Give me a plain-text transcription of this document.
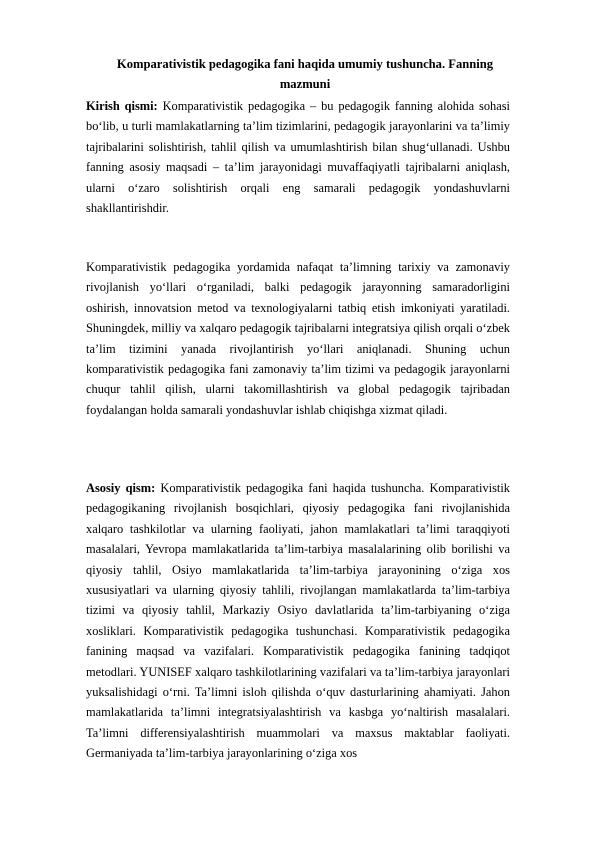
Komparativistik pedagogika fani haqida umumiy tushuncha. Fanning mazmuni

Kirish qismi: Komparativistik pedagogika – bu pedagogik fanning alohida sohasi bo‘lib, u turli mamlakatlarning ta’lim tizimlarini, pedagogik jarayonlarini va ta’limiy tajribalarini solishtirish, tahlil qilish va umumlashtirish bilan shug‘ullanadi. Ushbu fanning asosiy maqsadi – ta’lim jarayonidagi muvaffaqiyatli tajribalarni aniqlash, ularni o‘zaro solishtirish orqali eng samarali pedagogik yondashuvlarni shakllantirishdir.

Komparativistik pedagogika yordamida nafaqat ta’limning tarixiy va zamonaviy rivojlanish yo‘llari o‘rganiladi, balki pedagogik jarayonning samaradorligini oshirish, innovatsion metod va texnologiyalarni tatbiq etish imkoniyati yaratiladi. Shuningdek, milliy va xalqaro pedagogik tajribalarni integratsiya qilish orqali o‘zbek ta’lim tizimini yanada rivojlantirish yo‘llari aniqlanadi. Shuning uchun komparativistik pedagogika fani zamonaviy ta’lim tizimi va pedagogik jarayonlarni chuqur tahlil qilish, ularni takomillashtirish va global pedagogik tajribadan foydalangan holda samarali yondashuvlar ishlab chiqishga xizmat qiladi.

Asosiy qism: Komparativistik pedagogika fani haqida tushuncha. Komparativistik pedagogikaning rivojlanish bosqichlari, qiyosiy pedagogika fani rivojlanishida xalqaro tashkilotlar va ularning faoliyati, jahon mamlakatlari ta’limi taraqqiyoti masalalari, Yevropa mamlakatlarida ta’lim-tarbiya masalalarining olib borilishi va qiyosiy tahlil, Osiyo mamlakatlarida ta’lim-tarbiya jarayonining o‘ziga xos xususiyatlari va ularning qiyosiy tahlili, rivojlangan mamlakatlarda ta’lim-tarbiya tizimi va qiyosiy tahlil, Markaziy Osiyo davlatlarida ta’lim-tarbiyaning o‘ziga xosliklari. Komparativistik pedagogika tushunchasi. Komparativistik pedagogika fanining maqsad va vazifalari. Komparativistik pedagogika fanining tadqiqot metodlari. YUNISEF xalqaro tashkilotlarining vazifalari va ta’lim-tarbiya jarayonlari yuksalishidagi o‘rni. Ta’limni isloh qilishda o‘quv dasturlarining ahamiyati. Jahon mamlakatlarida ta’limni integratsiyalashtirish va kasbga yo‘naltirish masalalari. Ta’limni differensiyalashtirish muammolari va maxsus maktablar faoliyati. Germaniyada ta’lim-tarbiya jarayonlarining o‘ziga xos
